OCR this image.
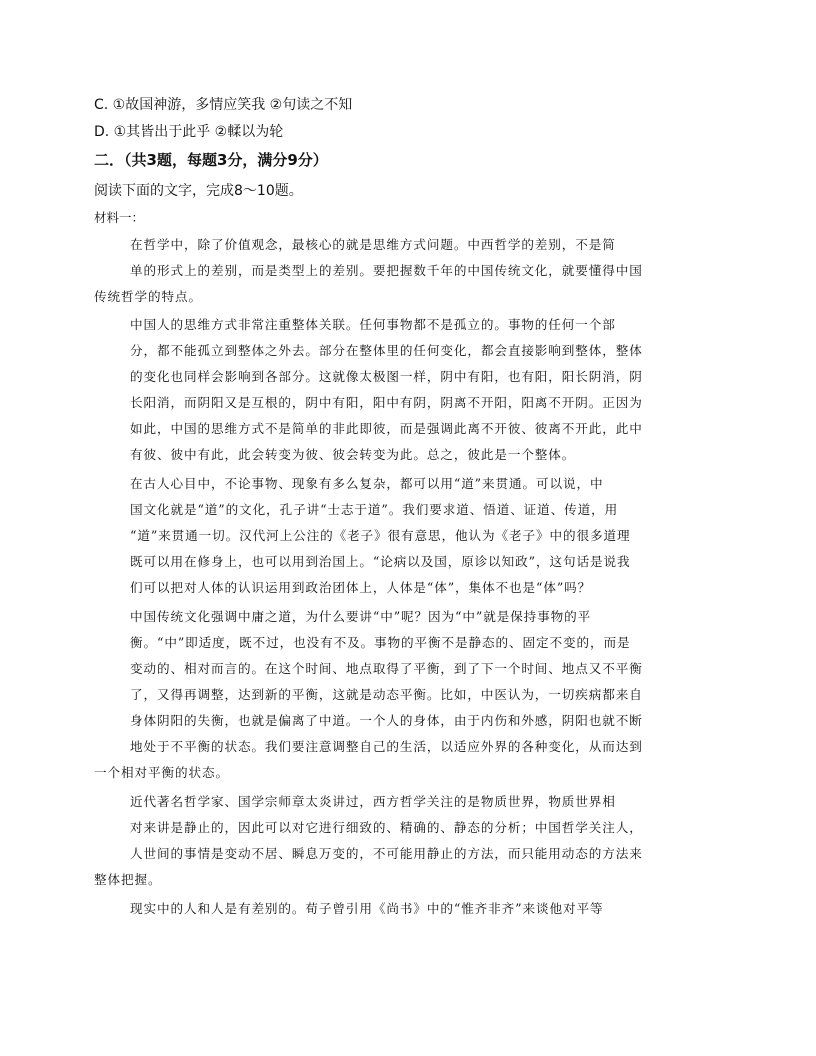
C. ①故国神游，多情应笑我 ②句读之不知
D. ①其皆出于此乎 ②輮以为轮
二．（共3题，每题3分，满分9分）
阅读下面的文字，完成8～10题。
材料一：
在哲学中，除了价值观念，最核心的就是思维方式问题。中西哲学的差别，不是简
单的形式上的差别，而是类型上的差别。要把握数千年的中国传统文化，就要懂得中国
传统哲学的特点。
中国人的思维方式非常注重整体关联。任何事物都不是孤立的。事物的任何一个部
分，都不能孤立到整体之外去。部分在整体里的任何变化，都会直接影响到整体，整体
的变化也同样会影响到各部分。这就像太极图一样，阴中有阳，也有阳，阳长阴消，阴
长阳消，而阴阳又是互根的，阴中有阳，阳中有阴，阴离不开阳，阳离不开阴。正因为
如此，中国的思维方式不是简单的非此即彼，而是强调此离不开彼、彼离不开此，此中
有彼、彼中有此，此会转变为彼、彼会转变为此。总之，彼此是一个整体。
在古人心目中，不论事物、现象有多么复杂，都可以用“道”来贯通。可以说，中
国文化就是“道”的文化，孔子讲“士志于道”。我们要求道、悟道、证道、传道，用
“道”来贯通一切。汉代河上公注的《老子》很有意思，他认为《老子》中的很多道理
既可以用在修身上，也可以用到治国上。“论病以及国，原诊以知政”，这句话是说我
们可以把对人体的认识运用到政治团体上，人体是“体”，集体不也是“体”吗？
中国传统文化强调中庸之道，为什么要讲“中”呢？因为“中”就是保持事物的平
衡。“中”即适度，既不过，也没有不及。事物的平衡不是静态的、固定不变的，而是
变动的、相对而言的。在这个时间、地点取得了平衡，到了下一个时间、地点又不平衡
了，又得再调整，达到新的平衡，这就是动态平衡。比如，中医认为，一切疾病都来自
身体阴阳的失衡，也就是偏离了中道。一个人的身体，由于内伤和外感，阴阳也就不断
地处于不平衡的状态。我们要注意调整自己的生活，以适应外界的各种变化，从而达到
一个相对平衡的状态。
近代著名哲学家、国学宗师章太炎讲过，西方哲学关注的是物质世界，物质世界相
对来讲是静止的，因此可以对它进行细致的、精确的、静态的分析；中国哲学关注人，
人世间的事情是变动不居、瞬息万变的，不可能用静止的方法，而只能用动态的方法来
整体把握。
现实中的人和人是有差别的。荀子曾引用《尚书》中的“惟齐非齐”来谈他对平等
